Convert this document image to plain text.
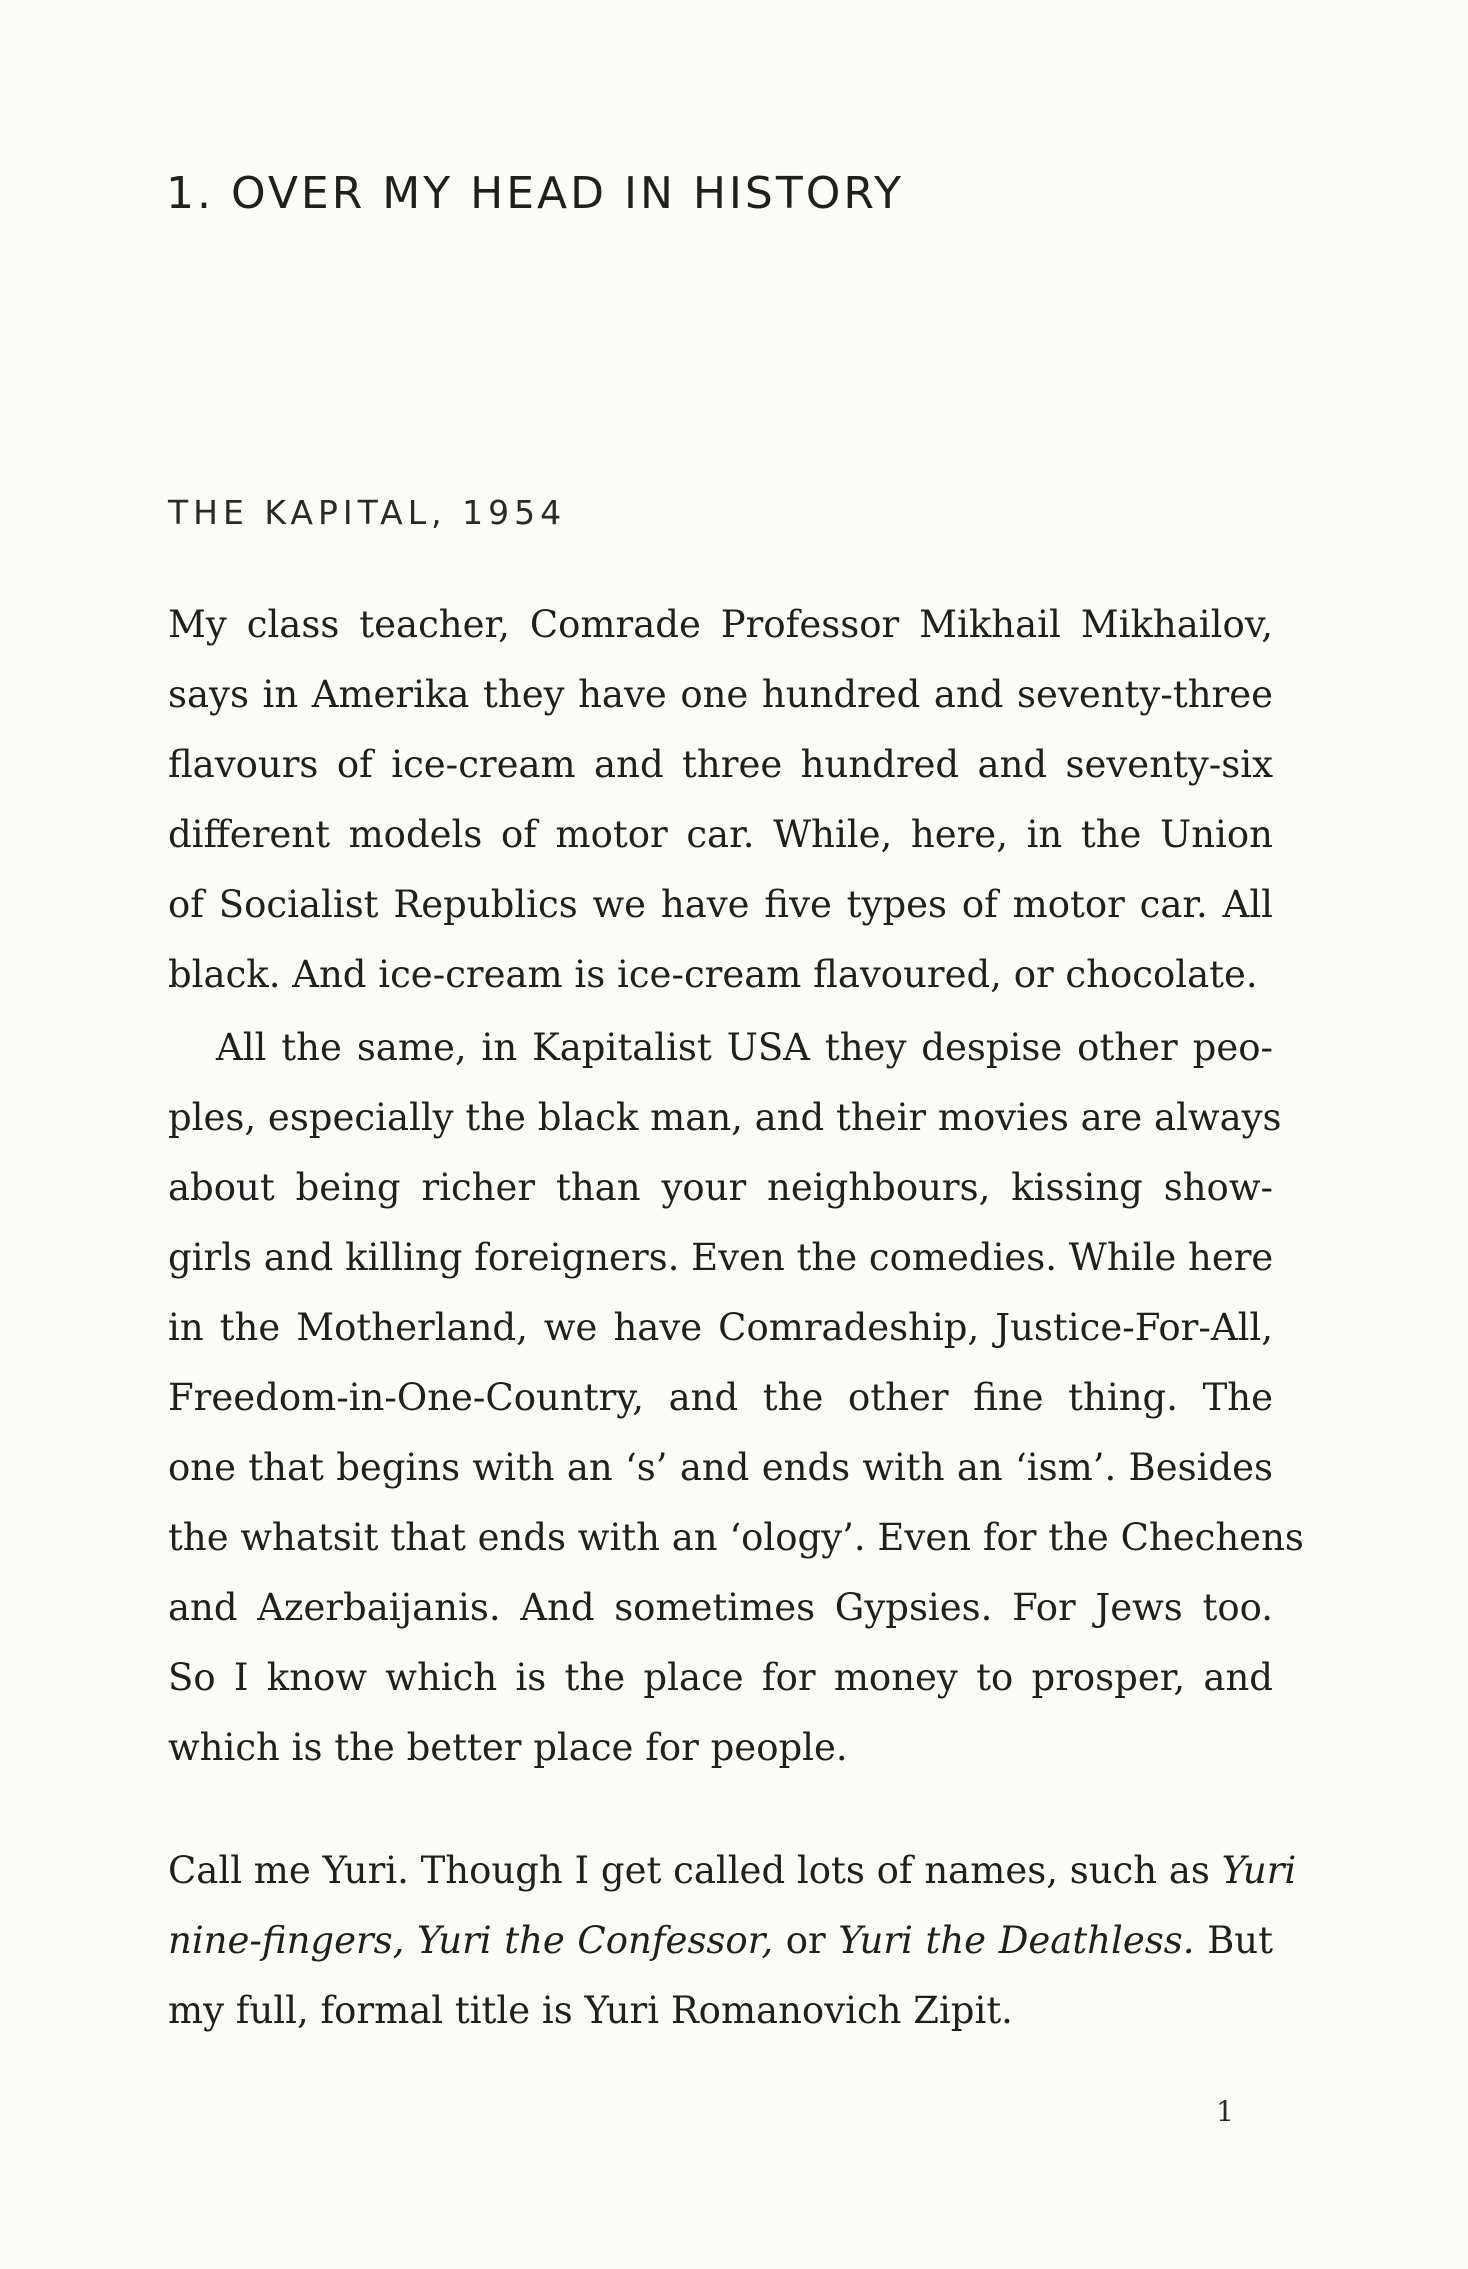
1. OVER MY HEAD IN HISTORY
THE KAPITAL, 1954
My class teacher, Comrade Professor Mikhail Mikhailov,
says in Amerika they have one hundred and seventy-three
flavours of ice-cream and three hundred and seventy-six
different models of motor car. While, here, in the Union
of Socialist Republics we have five types of motor car. All
black. And ice-cream is ice-cream flavoured, or chocolate.
All the same, in Kapitalist USA they despise other peo-
ples, especially the black man, and their movies are always
about being richer than your neighbours, kissing show-
girls and killing foreigners. Even the comedies. While here
in the Motherland, we have Comradeship, Justice-For-All,
Freedom-in-One-Country, and the other fine thing. The
one that begins with an ‘s’ and ends with an ‘ism’. Besides
the whatsit that ends with an ‘ology’. Even for the Chechens
and Azerbaijanis. And sometimes Gypsies. For Jews too.
So I know which is the place for money to prosper, and
which is the better place for people.
Call me Yuri. Though I get called lots of names, such as Yuri
nine-fingers, Yuri the Confessor, or Yuri the Deathless. But
my full, formal title is Yuri Romanovich Zipit.
1
